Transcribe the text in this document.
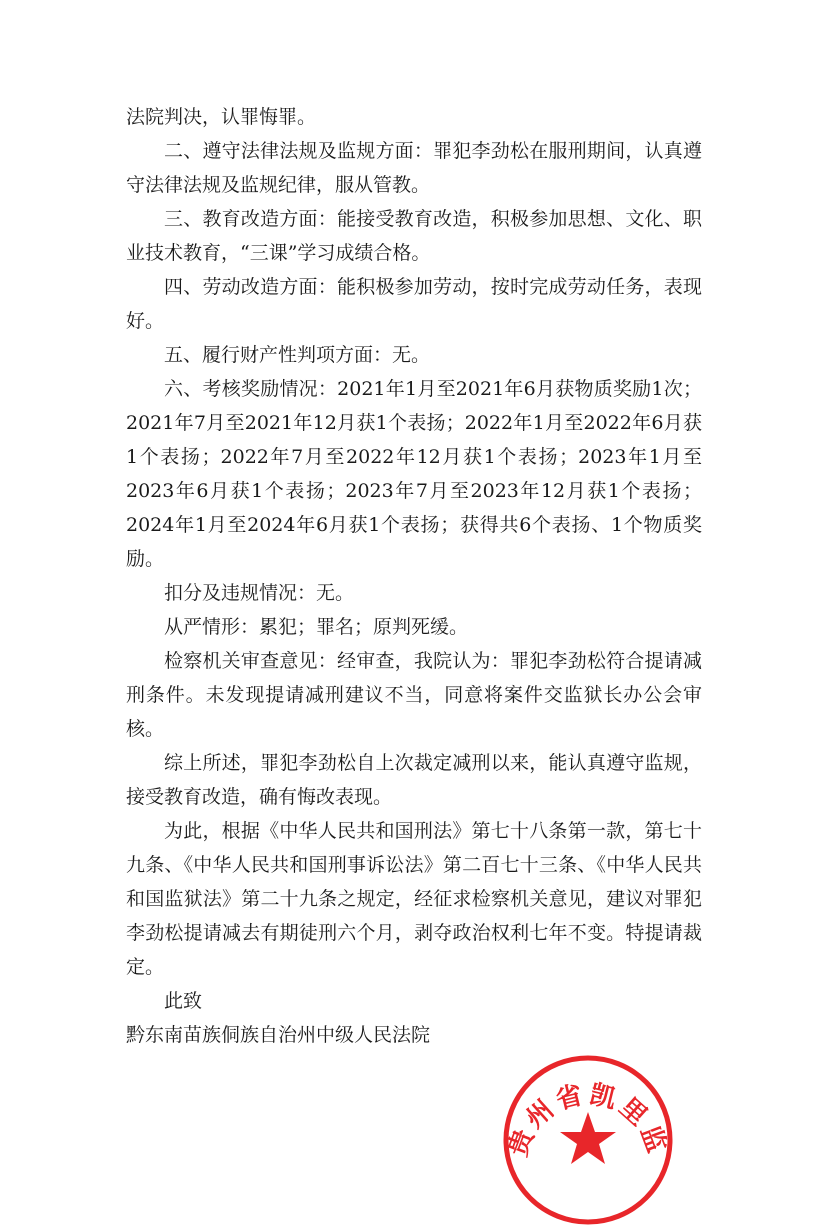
法院判决，认罪悔罪。

二、遵守法律法规及监规方面：罪犯李劲松在服刑期间，认真遵守法律法规及监规纪律，服从管教。

三、教育改造方面：能接受教育改造，积极参加思想、文化、职业技术教育，“三课”学习成绩合格。

四、劳动改造方面：能积极参加劳动，按时完成劳动任务，表现好。

五、履行财产性判项方面：无。

六、考核奖励情况：2021年1月至2021年6月获物质奖励1次；2021年7月至2021年12月获1个表扬；2022年1月至2022年6月获1个表扬；2022年7月至2022年12月获1个表扬；2023年1月至2023年6月获1个表扬；2023年7月至2023年12月获1个表扬；2024年1月至2024年6月获1个表扬；获得共6个表扬、1个物质奖励。

扣分及违规情况：无。

从严情形：累犯；罪名；原判死缓。

检察机关审查意见：经审查，我院认为：罪犯李劲松符合提请减刑条件。未发现提请减刑建议不当，同意将案件交监狱长办公会审核。

综上所述，罪犯李劲松自上次裁定减刑以来，能认真遵守监规，接受教育改造，确有悔改表现。

为此，根据《中华人民共和国刑法》第七十八条第一款，第七十九条、《中华人民共和国刑事诉讼法》第二百七十三条、《中华人民共和国监狱法》第二十九条之规定，经征求检察机关意见，建议对罪犯李劲松提请减去有期徒刑六个月，剥夺政治权利七年不变。特提请裁定。

此致

黔东南苗族侗族自治州中级人民法院

贵州省凯里监
